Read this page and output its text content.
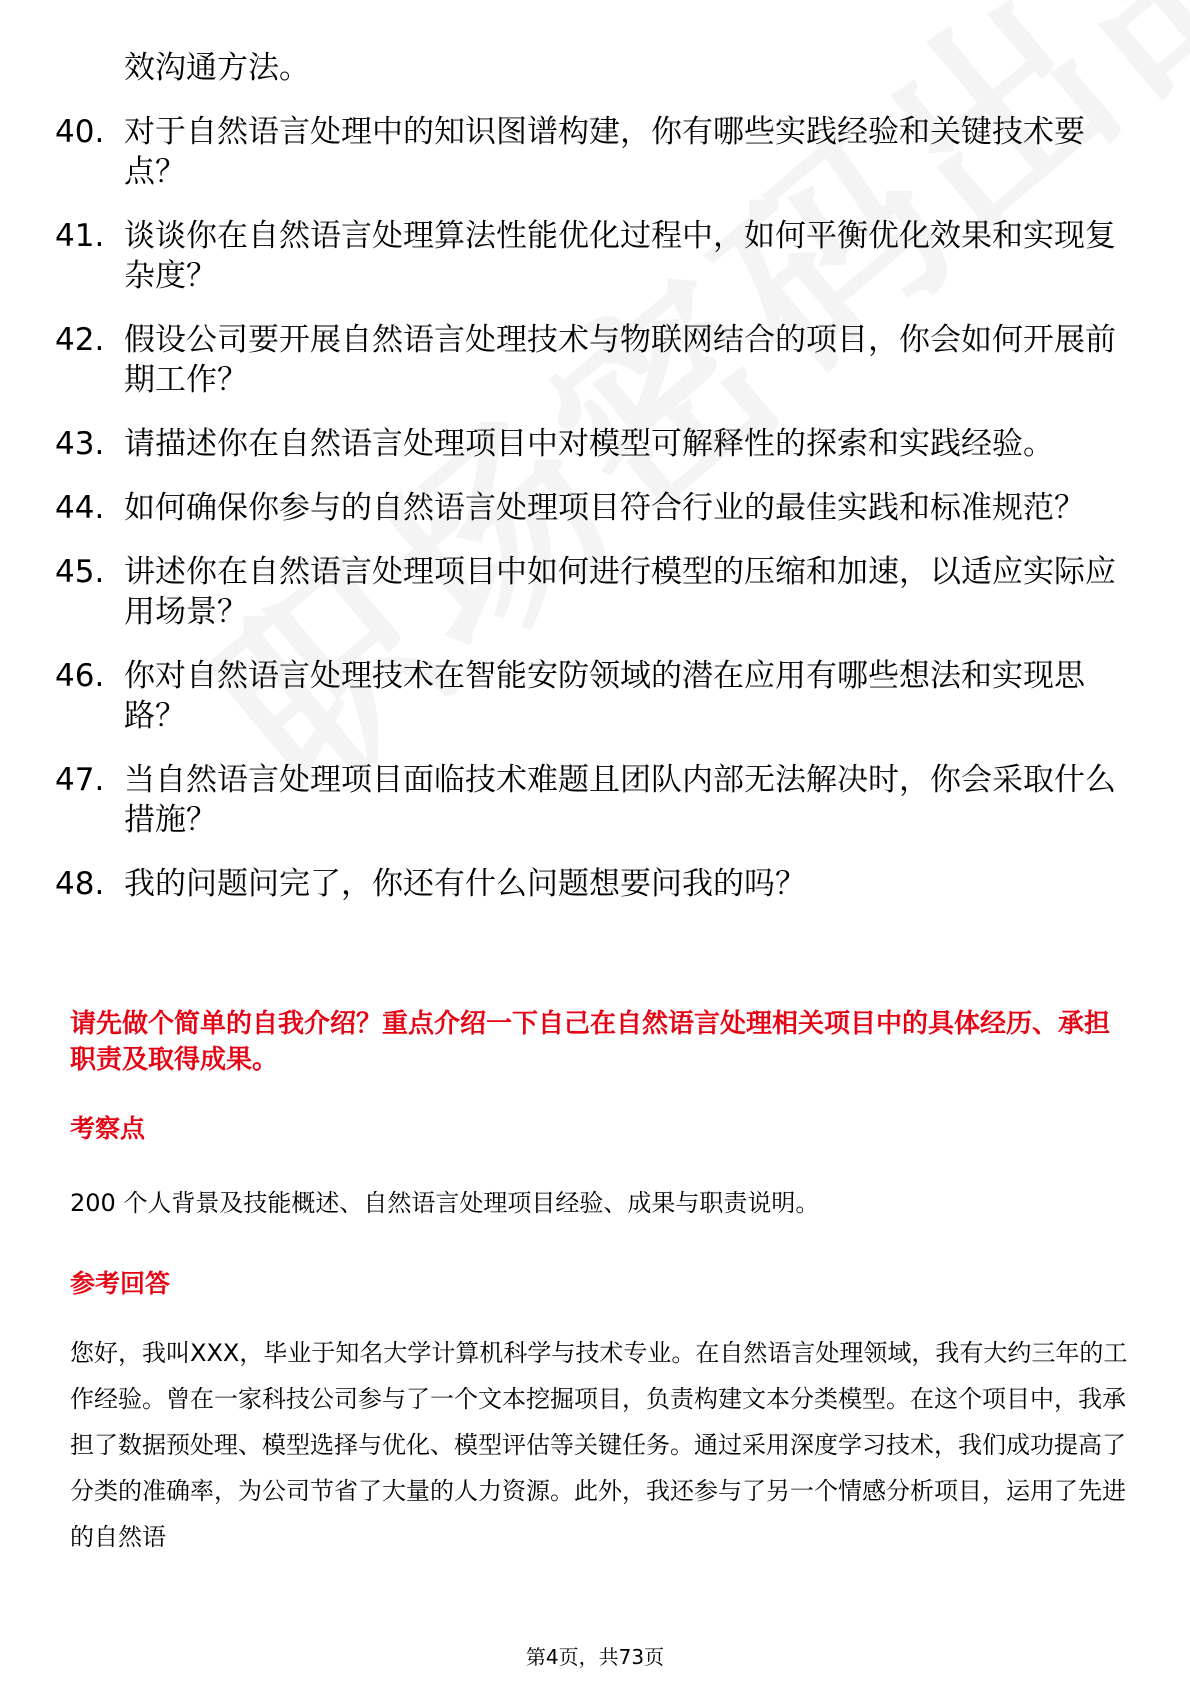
效沟通方法。
40. 对于自然语言处理中的知识图谱构建，你有哪些实践经验和关键技术要点？
41. 谈谈你在自然语言处理算法性能优化过程中，如何平衡优化效果和实现复杂度？
42. 假设公司要开展自然语言处理技术与物联网结合的项目，你会如何开展前期工作？
43. 请描述你在自然语言处理项目中对模型可解释性的探索和实践经验。
44. 如何确保你参与的自然语言处理项目符合行业的最佳实践和标准规范？
45. 讲述你在自然语言处理项目中如何进行模型的压缩和加速，以适应实际应用场景？
46. 你对自然语言处理技术在智能安防领域的潜在应用有哪些想法和实现思路？
47. 当自然语言处理项目面临技术难题且团队内部无法解决时，你会采取什么措施？
48. 我的问题问完了，你还有什么问题想要问我的吗？
请先做个简单的自我介绍？重点介绍一下自己在自然语言处理相关项目中的具体经历、承担职责及取得成果。
考察点
200 个人背景及技能概述、自然语言处理项目经验、成果与职责说明。
参考回答

您好，我叫XXX，毕业于知名大学计算机科学与技术专业。在自然语言处理领域，我有大约三年的工作经验。曾在一家科技公司参与了一个文本挖掘项目，负责构建文本分类模型。在这个项目中，我承担了数据预处理、模型选择与优化、模型评估等关键任务。通过采用深度学习技术，我们成功提高了分类的准确率，为公司节省了大量的人力资源。此外，我还参与了另一个情感分析项目，运用了先进的自然语

第4页，共73页
